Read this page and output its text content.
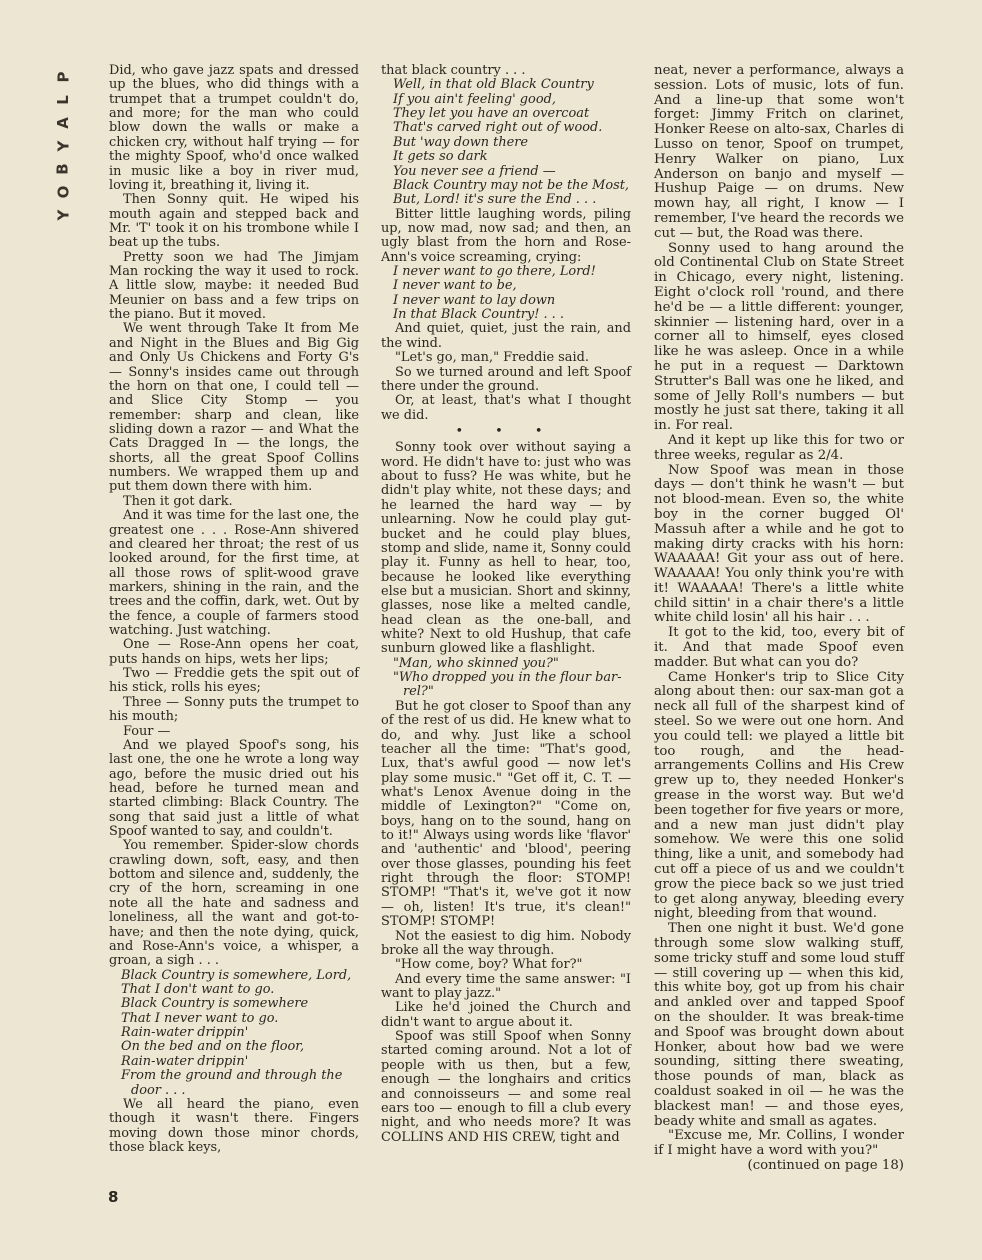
P
L
A
Y
B
O
Y

Did, who gave jazz spats and dressed up the blues, who did things with a trumpet that a trumpet couldn't do, and more; for the man who could blow down the walls or make a chicken cry, without half trying — for the mighty Spoof, who'd once walked in music like a boy in river mud, loving it, breathing it, living it.

Then Sonny quit. He wiped his mouth again and stepped back and Mr. 'T' took it on his trombone while I beat up the tubs.

Pretty soon we had The Jimjam Man rocking the way it used to rock. A little slow, maybe: it needed Bud Meunier on bass and a few trips on the piano. But it moved.

We went through Take It from Me and Night in the Blues and Big Gig and Only Us Chickens and Forty G's — Sonny's insides came out through the horn on that one, I could tell — and Slice City Stomp — you remember: sharp and clean, like sliding down a razor — and What the Cats Dragged In — the longs, the shorts, all the great Spoof Collins numbers. We wrapped them up and put them down there with him.

Then it got dark.

And it was time for the last one, the greatest one . . . Rose-Ann shivered and cleared her throat; the rest of us looked around, for the first time, at all those rows of split-wood grave markers, shining in the rain, and the trees and the coffin, dark, wet. Out by the fence, a couple of farmers stood watching. Just watching.

One — Rose-Ann opens her coat, puts hands on hips, wets her lips;

Two — Freddie gets the spit out of his stick, rolls his eyes;

Three — Sonny puts the trumpet to his mouth;

Four —

And we played Spoof's song, his last one, the one he wrote a long way ago, before the music dried out his head, before he turned mean and started climbing: Black Country. The song that said just a little of what Spoof wanted to say, and couldn't.

You remember. Spider-slow chords crawling down, soft, easy, and then bottom and silence and, suddenly, the cry of the horn, screaming in one note all the hate and sadness and loneliness, all the want and got-to-have; and then the note dying, quick, and Rose-Ann's voice, a whisper, a groan, a sigh . . .

Black Country is somewhere, Lord,

That I don't want to go.

Black Country is somewhere

That I never want to go.

Rain-water drippin'

On the bed and on the floor,

Rain-water drippin'

From the ground and through the

door . . .

We all heard the piano, even though it wasn't there. Fingers moving down those minor chords, those black keys,

that black country . . .

Well, in that old Black Country

If you ain't feeling' good,

They let you have an overcoat

That's carved right out of wood.

But 'way down there

It gets so dark

You never see a friend —

Black Country may not be the Most,

But, Lord! it's sure the End . . .

Bitter little laughing words, piling up, now mad, now sad; and then, an ugly blast from the horn and Rose-Ann's voice screaming, crying:

I never want to go there, Lord!

I never want to be,

I never want to lay down

In that Black Country! . . .

And quiet, quiet, just the rain, and the wind.

"Let's go, man," Freddie said.

So we turned around and left Spoof there under the ground.

Or, at least, that's what I thought we did.

• • •

Sonny took over without saying a word. He didn't have to: just who was about to fuss? He was white, but he didn't play white, not these days; and he learned the hard way — by unlearning. Now he could play gut-bucket and he could play blues, stomp and slide, name it, Sonny could play it. Funny as hell to hear, too, because he looked like everything else but a musician. Short and skinny, glasses, nose like a melted candle, head clean as the one-ball, and white? Next to old Hushup, that cafe sunburn glowed like a flashlight.

"Man, who skinned you?"

"Who dropped you in the flour bar-

rel?"

But he got closer to Spoof than any of the rest of us did. He knew what to do, and why. Just like a school teacher all the time: "That's good, Lux, that's awful good — now let's play some music." "Get off it, C. T. — what's Lenox Avenue doing in the middle of Lexington?" "Come on, boys, hang on to the sound, hang on to it!" Always using words like 'flavor' and 'authentic' and 'blood', peering over those glasses, pounding his feet right through the floor: STOMP! STOMP! "That's it, we've got it now — oh, listen! It's true, it's clean!" STOMP! STOMP!

Not the easiest to dig him. Nobody broke all the way through.

"How come, boy? What for?"

And every time the same answer: "I want to play jazz."

Like he'd joined the Church and didn't want to argue about it.

Spoof was still Spoof when Sonny started coming around. Not a lot of people with us then, but a few, enough — the longhairs and critics and connoisseurs — and some real ears too — enough to fill a club every night, and who needs more? It was COLLINS AND HIS CREW, tight and

neat, never a performance, always a session. Lots of music, lots of fun. And a line-up that some won't forget: Jimmy Fritch on clarinet, Honker Reese on alto-sax, Charles di Lusso on tenor, Spoof on trumpet, Henry Walker on piano, Lux Anderson on banjo and myself — Hushup Paige — on drums. New mown hay, all right, I know — I remember, I've heard the records we cut — but, the Road was there.

Sonny used to hang around the old Continental Club on State Street in Chicago, every night, listening. Eight o'clock roll 'round, and there he'd be — a little different: younger, skinnier — listening hard, over in a corner all to himself, eyes closed like he was asleep. Once in a while he put in a request — Darktown Strutter's Ball was one he liked, and some of Jelly Roll's numbers — but mostly he just sat there, taking it all in. For real.

And it kept up like this for two or three weeks, regular as 2/4.

Now Spoof was mean in those days — don't think he wasn't — but not blood-mean. Even so, the white boy in the corner bugged Ol' Massuh after a while and he got to making dirty cracks with his horn: WAAAAA! Git your ass out of here. WAAAAA! You only think you're with it! WAAAAA! There's a little white child sittin' in a chair there's a little white child losin' all his hair . . .

It got to the kid, too, every bit of it. And that made Spoof even madder. But what can you do?

Came Honker's trip to Slice City along about then: our sax-man got a neck all full of the sharpest kind of steel. So we were out one horn. And you could tell: we played a little bit too rough, and the head-arrangements Collins and His Crew grew up to, they needed Honker's grease in the worst way. But we'd been together for five years or more, and a new man just didn't play somehow. We were this one solid thing, like a unit, and somebody had cut off a piece of us and we couldn't grow the piece back so we just tried to get along anyway, bleeding every night, bleeding from that wound.

Then one night it bust. We'd gone through some slow walking stuff, some tricky stuff and some loud stuff — still covering up — when this kid, this white boy, got up from his chair and ankled over and tapped Spoof on the shoulder. It was break-time and Spoof was brought down about Honker, about how bad we were sounding, sitting there sweating, those pounds of man, black as coaldust soaked in oil — he was the blackest man! — and those eyes, beady white and small as agates.

"Excuse me, Mr. Collins, I wonder if I might have a word with you?"

(continued on page 18)

8
